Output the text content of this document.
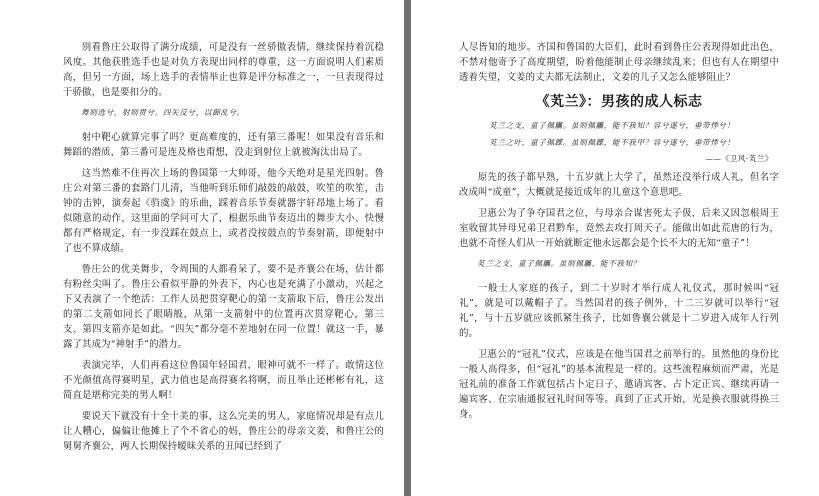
别看鲁庄公取得了满分成绩，可是没有一丝骄傲表情，继续保持着沉稳风度。其他获胜选手也是对负方表现出同样的尊重，这一方面说明人们素质高，但另一方面，场上选手的表情举止也算是评分标准之一，一旦表现得过于骄傲，也是要扣分的。

舞则选兮，射则贯兮。四矢反兮，以御乱兮。

射中靶心就算完事了吗？更高难度的，还有第三番呢！如果没有音乐和舞蹈的潜质，第三番可是连及格也甭想，没走到射位上就被淘汰出局了。

这当然难不住再次上场的鲁国第一大帅哥，他今天绝对是星光四射。鲁庄公对第三番的套路门儿清，当他听到乐师们敲鼓的敲鼓，吹笙的吹笙，击钟的击钟，演奏起《驺虞》的乐曲，踩着音乐节奏就器宇轩昂地上场了。看似随意的动作，这里面的学问可大了，根据乐曲节奏迈出的舞步大小、快慢都有严格规定，有一步没踩在鼓点上，或者没按鼓点的节奏射箭，即便射中了也不算成绩。

鲁庄公的优美舞步，令周围的人都看呆了，要不是齐襄公在场，估计都有粉丝尖叫了。鲁庄公看似平静的外表下，内心也是充满了小激动，兴起之下又表演了一个绝活：工作人员把贯穿靶心的第一支箭取下后，鲁庄公发出的第二支箭如同长了眼睛般，从第一支箭射中的位置再次贯穿靶心，第三支、第四支箭亦是如此。“四矢”都分毫不差地射在同一位置！就这一手，暴露了其成为“神射手”的潜力。

表演完毕，人们再看这位鲁国年轻国君，眼神可就不一样了。敢情这位不光颜值高得赛明星，武力值也是高得赛名将啊，而且举止还彬彬有礼，这简直是堪称完美的男人啊！

要说天下就没有十全十美的事，这么完美的男人，家庭情况却是有点儿让人糟心，偏偏让他摊上了个不省心的妈，鲁庄公的母亲文姜，和鲁庄公的舅舅齐襄公，两人长期保持暧昧关系的丑闻已经到了

人尽皆知的地步。齐国和鲁国的大臣们，此时看到鲁庄公表现得如此出色，不禁对他寄予了高度期望，盼着他能制止母亲继续乱来；但也有人在期望中透着失望，文姜的丈夫都无法制止，文姜的儿子又怎么能够阻止？

《芄兰》：男孩的成人标志

芄兰之支，童子佩觿。虽则佩觿，能不我知？容兮遂兮，垂带悸兮！

芄兰之叶，童子佩韘。虽则佩韘，能不我甲？容兮遂兮，垂带悸兮！

——《卫风·芄兰》

原先的孩子都早熟，十五岁就上大学了，虽然还没举行成人礼，但名字改成叫“成童”，大概就是接近成年的儿童这个意思吧。

卫惠公为了争夺国君之位，与母亲合谋害死太子伋，后来又因忽根周王室收留其异母兄弟卫君黔牟，竟然去攻打周天子。能做出如此荒唐的行为，也就不奇怪人们从一开始就断定他永远都会是个长不大的无知“童子”！

芄兰之支，童子佩觿。虽则佩觿，能不我知？

一般士人家庭的孩子，到二十岁时才举行成人礼仪式，那时候叫“冠礼”，就是可以戴帽子了。当然国君的孩子例外，十二三岁就可以举行“冠礼”，与十五岁就应该抓紧生孩子，比如鲁襄公就是十二岁进入成年人行列的。

卫惠公的“冠礼”仪式，应该是在他当国君之前举行的。虽然他的身份比一般人高得多，但“冠礼”的基本流程是一样的。这些流程麻烦而严肃，光是冠礼前的准备工作就包括占卜定日子、邀请宾客、占卜定正宾、继续再请一遍宾客、在宗庙通报冠礼时间等等。真到了正式开始，光是换衣服就得换三身。
